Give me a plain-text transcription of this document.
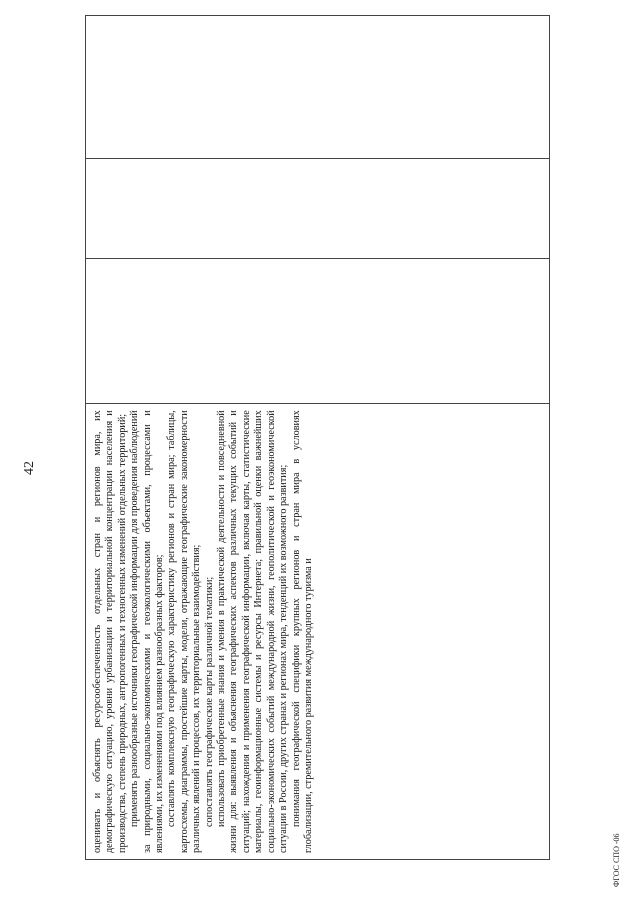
42	оценивать и объяснять ресурсообеспеченность отдельных стран и регионов мира, их демографическую ситуацию, уровни урбанизации и территориальной концентрации населения и производства, степень природных, антропогенных и техногенных изменений отдельных территорий; применять разнообразные источники географической информации для проведения наблюдений за природными, социально-экономическими и геоэкологическими объектами, процессами и явлениями, их изменениями под влиянием разнообразных факторов; составлять комплексную географическую характеристику регионов и стран мира; таблицы, картосхемы, диаграммы, простейшие карты, модели, отражающие географические закономерности различных явлений и процессов, их территориальные взаимодействия; сопоставлять географические карты различной тематики; использовать приобретенные знания и умения в практической деятельности и повседневной жизни для: выявления и объяснения географических аспектов различных текущих событий и ситуаций; нахождения и применения географической информации, включая карты, статистические материалы, геоинформационные системы и ресурсы Интернета; правильной оценки важнейших социально-экономических событий международной жизни, геополитической и геоэкономической ситуации в России, других странах и регионах мира, тенденций их возможного развития; понимания географической специфики крупных регионов и стран мира в условиях глобализации, стремительного развития международного туризма и

ФГОС СПО -06
